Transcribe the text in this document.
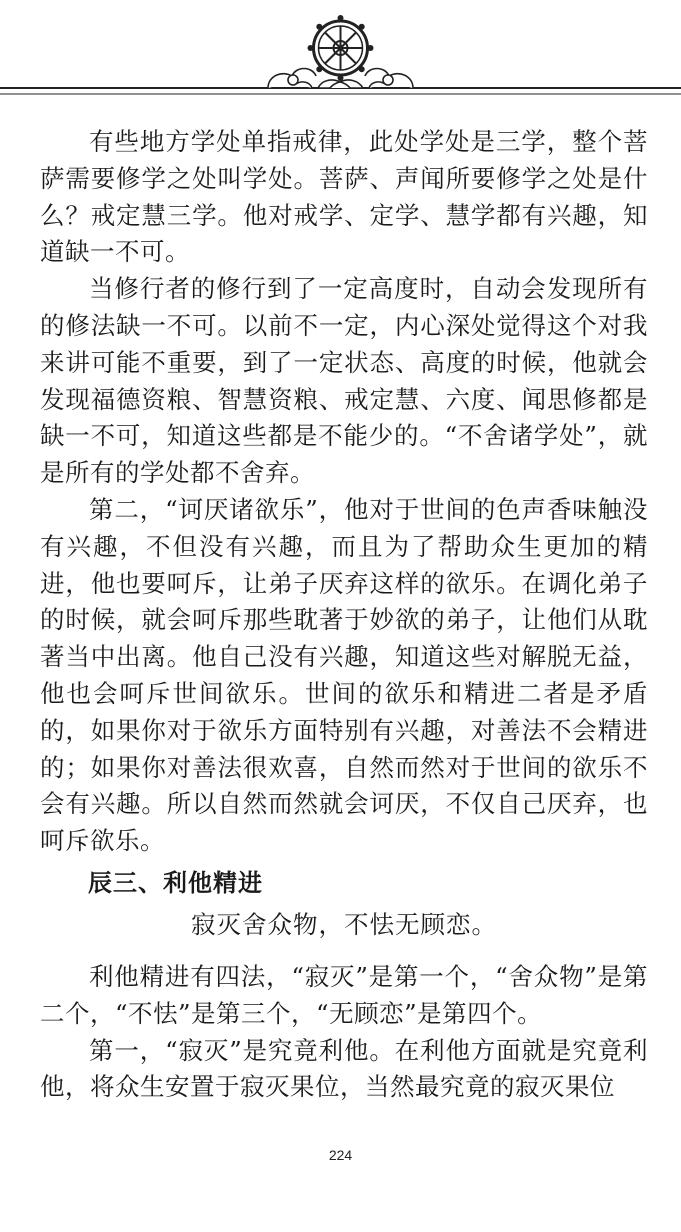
有些地方学处单指戒律，此处学处是三学，整个菩萨需要修学之处叫学处。菩萨、声闻所要修学之处是什么？戒定慧三学。他对戒学、定学、慧学都有兴趣，知道缺一不可。

当修行者的修行到了一定高度时，自动会发现所有的修法缺一不可。以前不一定，内心深处觉得这个对我来讲可能不重要，到了一定状态、高度的时候，他就会发现福德资粮、智慧资粮、戒定慧、六度、闻思修都是缺一不可，知道这些都是不能少的。“不舍诸学处”，就是所有的学处都不舍弃。

第二，“诃厌诸欲乐”，他对于世间的色声香味触没有兴趣，不但没有兴趣，而且为了帮助众生更加的精进，他也要呵斥，让弟子厌弃这样的欲乐。在调化弟子的时候，就会呵斥那些耽著于妙欲的弟子，让他们从耽著当中出离。他自己没有兴趣，知道这些对解脱无益，他也会呵斥世间欲乐。世间的欲乐和精进二者是矛盾的，如果你对于欲乐方面特别有兴趣，对善法不会精进的；如果你对善法很欢喜，自然而然对于世间的欲乐不会有兴趣。所以自然而然就会诃厌，不仅自己厌弃，也呵斥欲乐。

辰三、利他精进

寂灭舍众物，不怯无顾恋。

利他精进有四法，“寂灭”是第一个，“舍众物”是第二个，“不怯”是第三个，“无顾恋”是第四个。

第一，“寂灭”是究竟利他。在利他方面就是究竟利他，将众生安置于寂灭果位，当然最究竟的寂灭果位

224
